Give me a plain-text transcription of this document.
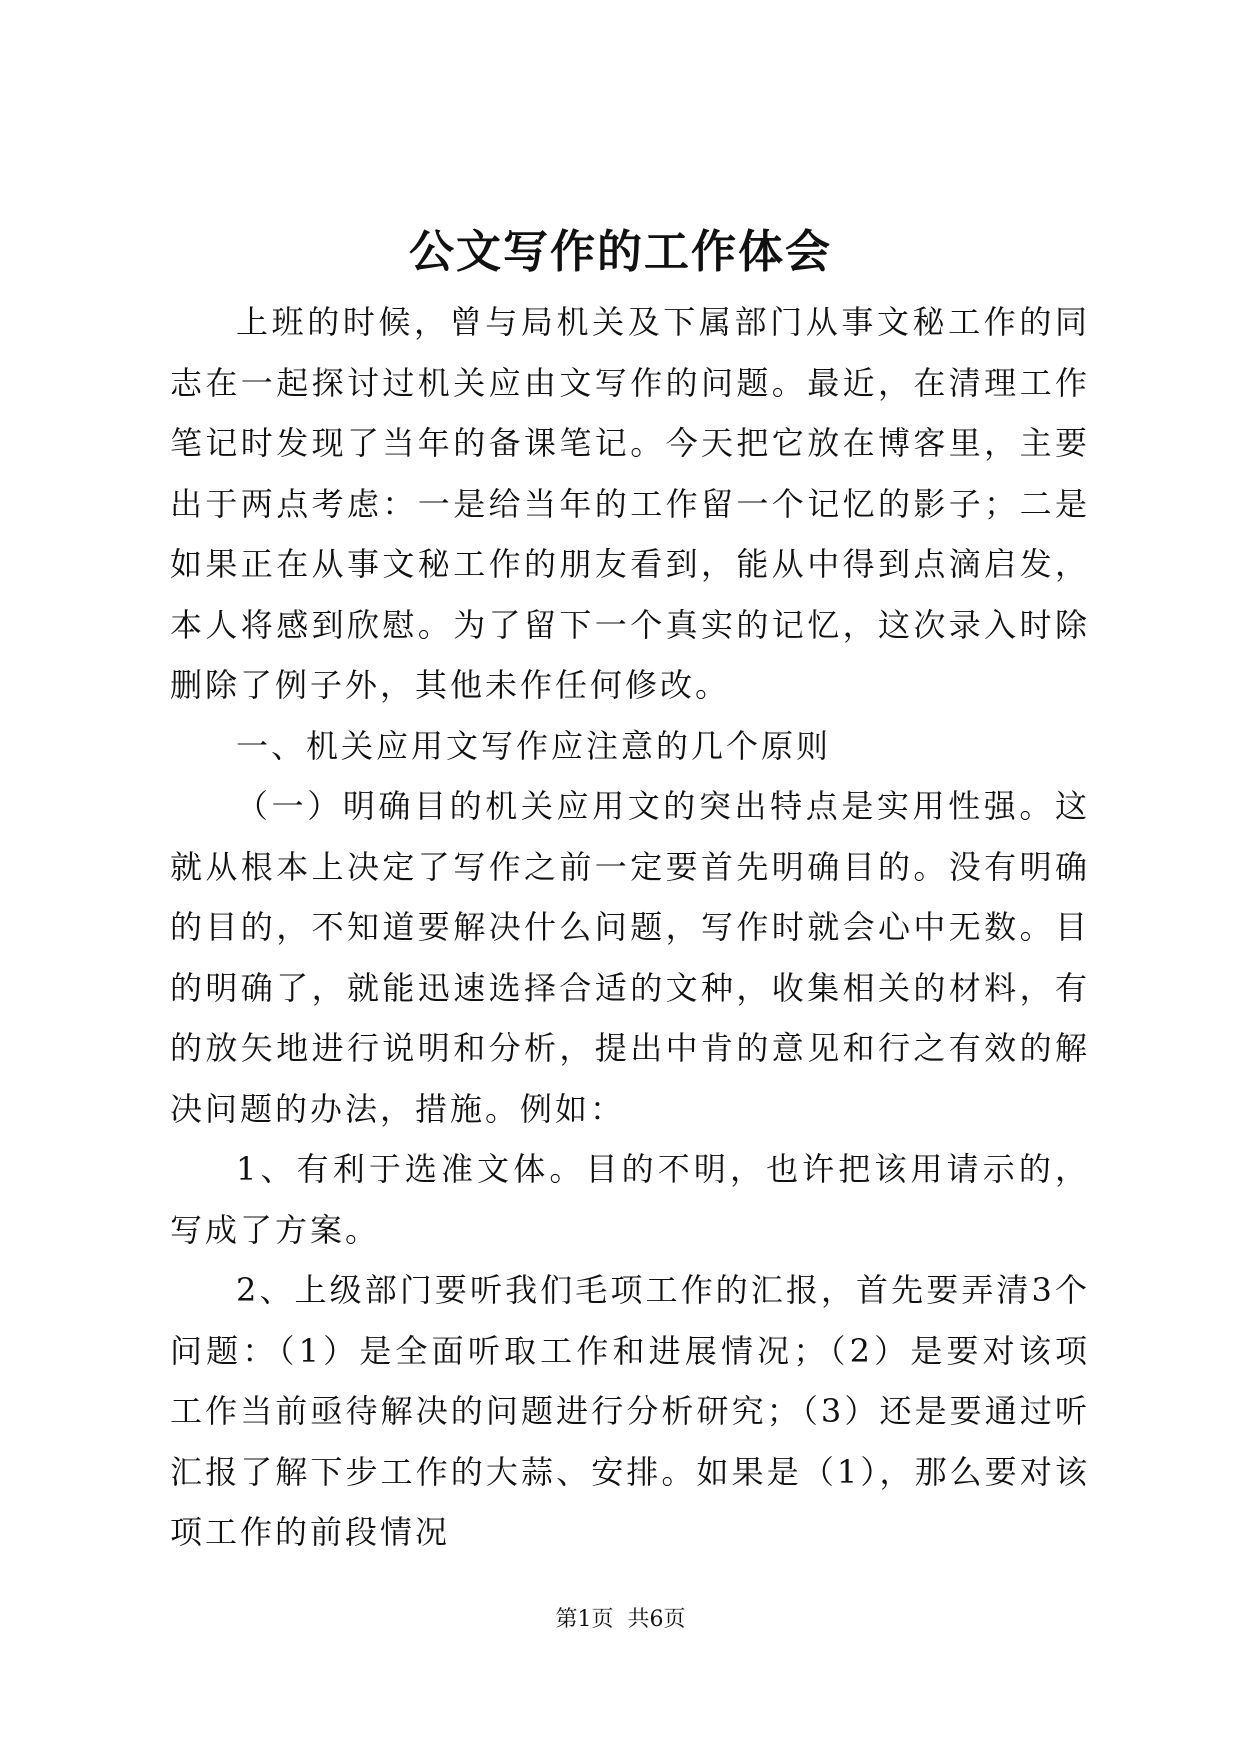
公文写作的工作体会

上班的时候，曾与局机关及下属部门从事文秘工作的同志在一起探讨过机关应由文写作的问题。最近，在清理工作笔记时发现了当年的备课笔记。今天把它放在博客里，主要出于两点考虑：一是给当年的工作留一个记忆的影子；二是如果正在从事文秘工作的朋友看到，能从中得到点滴启发，本人将感到欣慰。为了留下一个真实的记忆，这次录入时除删除了例子外，其他未作任何修改。

一、机关应用文写作应注意的几个原则

（一）明确目的机关应用文的突出特点是实用性强。这就从根本上决定了写作之前一定要首先明确目的。没有明确的目的，不知道要解决什么问题，写作时就会心中无数。目的明确了，就能迅速选择合适的文种，收集相关的材料，有的放矢地进行说明和分析，提出中肯的意见和行之有效的解决问题的办法，措施。例如：

1、有利于选准文体。目的不明，也许把该用请示的，写成了方案。

2、上级部门要听我们毛项工作的汇报，首先要弄清3个问题：（1）是全面听取工作和进展情况；（2）是要对该项工作当前亟待解决的问题进行分析研究；（3）还是要通过听汇报了解下步工作的大蒜、安排。如果是（1），那么要对该项工作的前段情况

第1页 共6页
